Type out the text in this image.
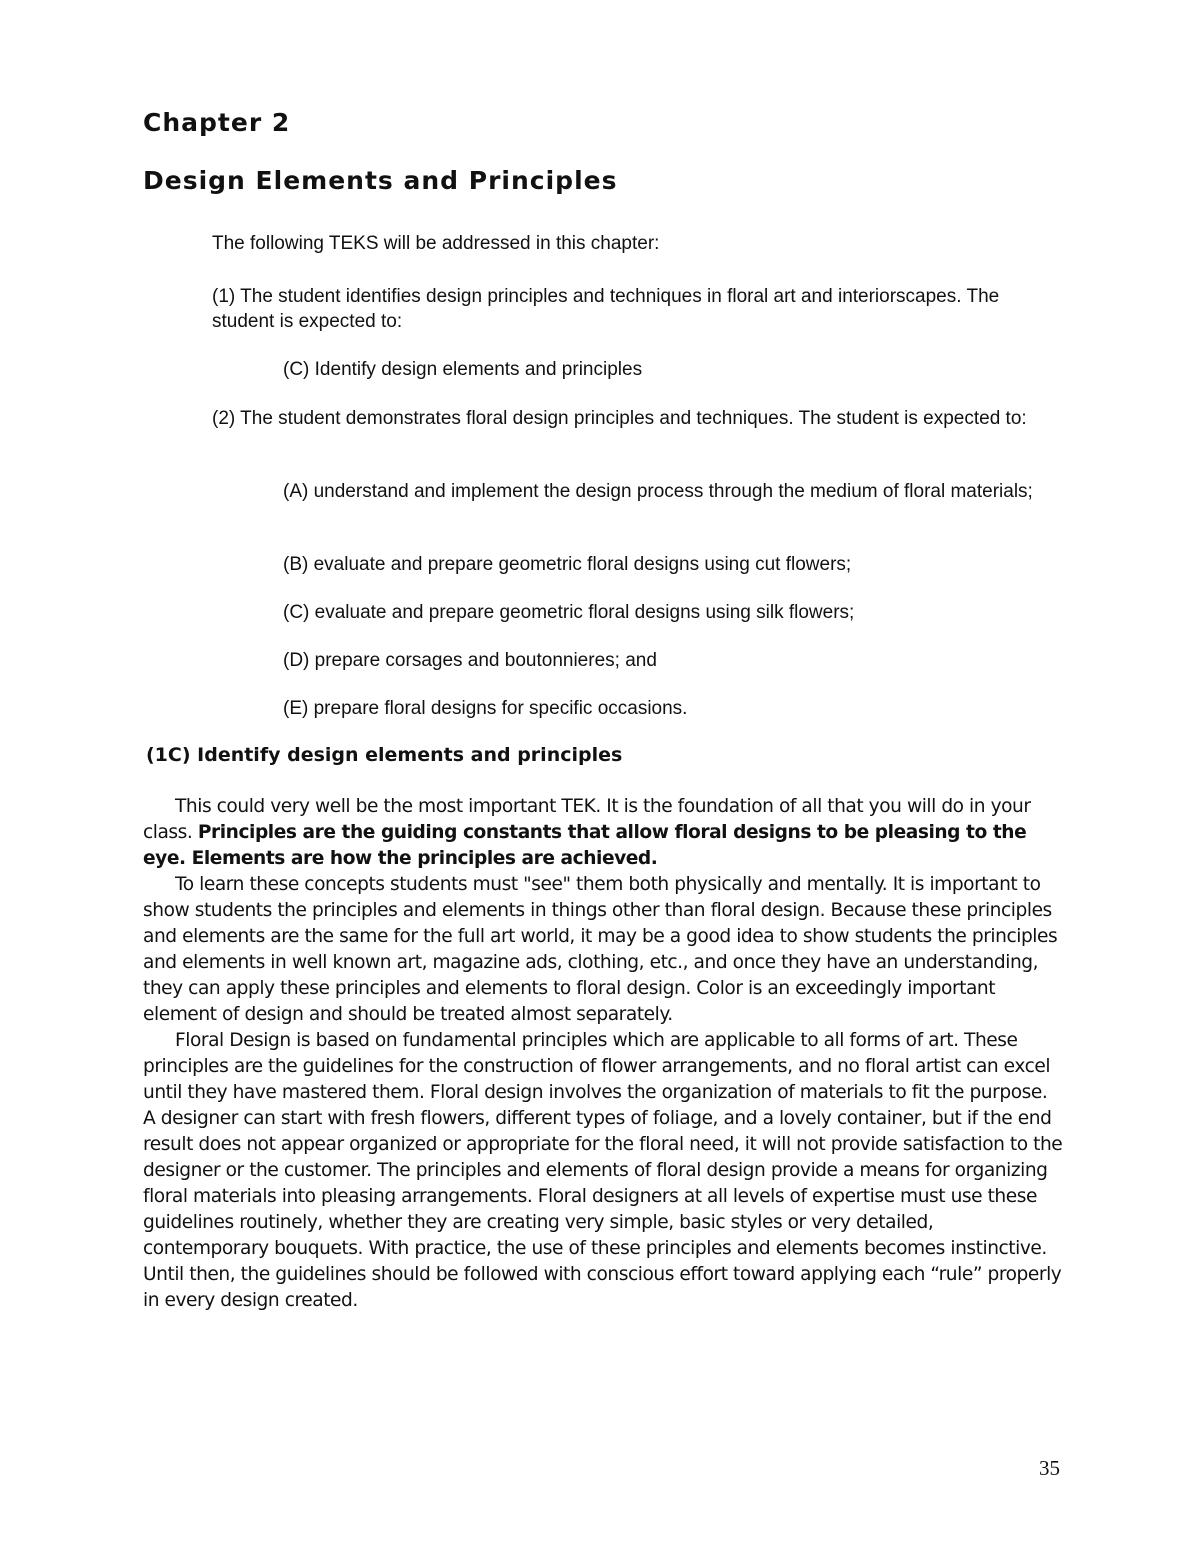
Chapter 2
Design Elements and Principles

The following TEKS will be addressed in this chapter:

(1) The student identifies design principles and techniques in floral art and interiorscapes. The student is expected to:

(C) Identify design elements and principles

(2) The student demonstrates floral design principles and techniques. The student is expected to:

(A) understand and implement the design process through the medium of floral materials;

(B) evaluate and prepare geometric floral designs using cut flowers;

(C) evaluate and prepare geometric floral designs using silk flowers;

(D) prepare corsages and boutonnieres; and

(E) prepare floral designs for specific occasions.

(1C) Identify design elements and principles

This could very well be the most important TEK. It is the foundation of all that you will do in your class. Principles are the guiding constants that allow floral designs to be pleasing to the eye. Elements are how the principles are achieved.

To learn these concepts students must "see" them both physically and mentally. It is important to show students the principles and elements in things other than floral design. Because these principles and elements are the same for the full art world, it may be a good idea to show students the principles and elements in well known art, magazine ads, clothing, etc., and once they have an understanding, they can apply these principles and elements to floral design. Color is an exceedingly important element of design and should be treated almost separately.

Floral Design is based on fundamental principles which are applicable to all forms of art. These principles are the guidelines for the construction of flower arrangements, and no floral artist can excel until they have mastered them. Floral design involves the organization of materials to fit the purpose. A designer can start with fresh flowers, different types of foliage, and a lovely container, but if the end result does not appear organized or appropriate for the floral need, it will not provide satisfaction to the designer or the customer. The principles and elements of floral design provide a means for organizing floral materials into pleasing arrangements. Floral designers at all levels of expertise must use these guidelines routinely, whether they are creating very simple, basic styles or very detailed, contemporary bouquets. With practice, the use of these principles and elements becomes instinctive. Until then, the guidelines should be followed with conscious effort toward applying each “rule” properly in every design created.

35
